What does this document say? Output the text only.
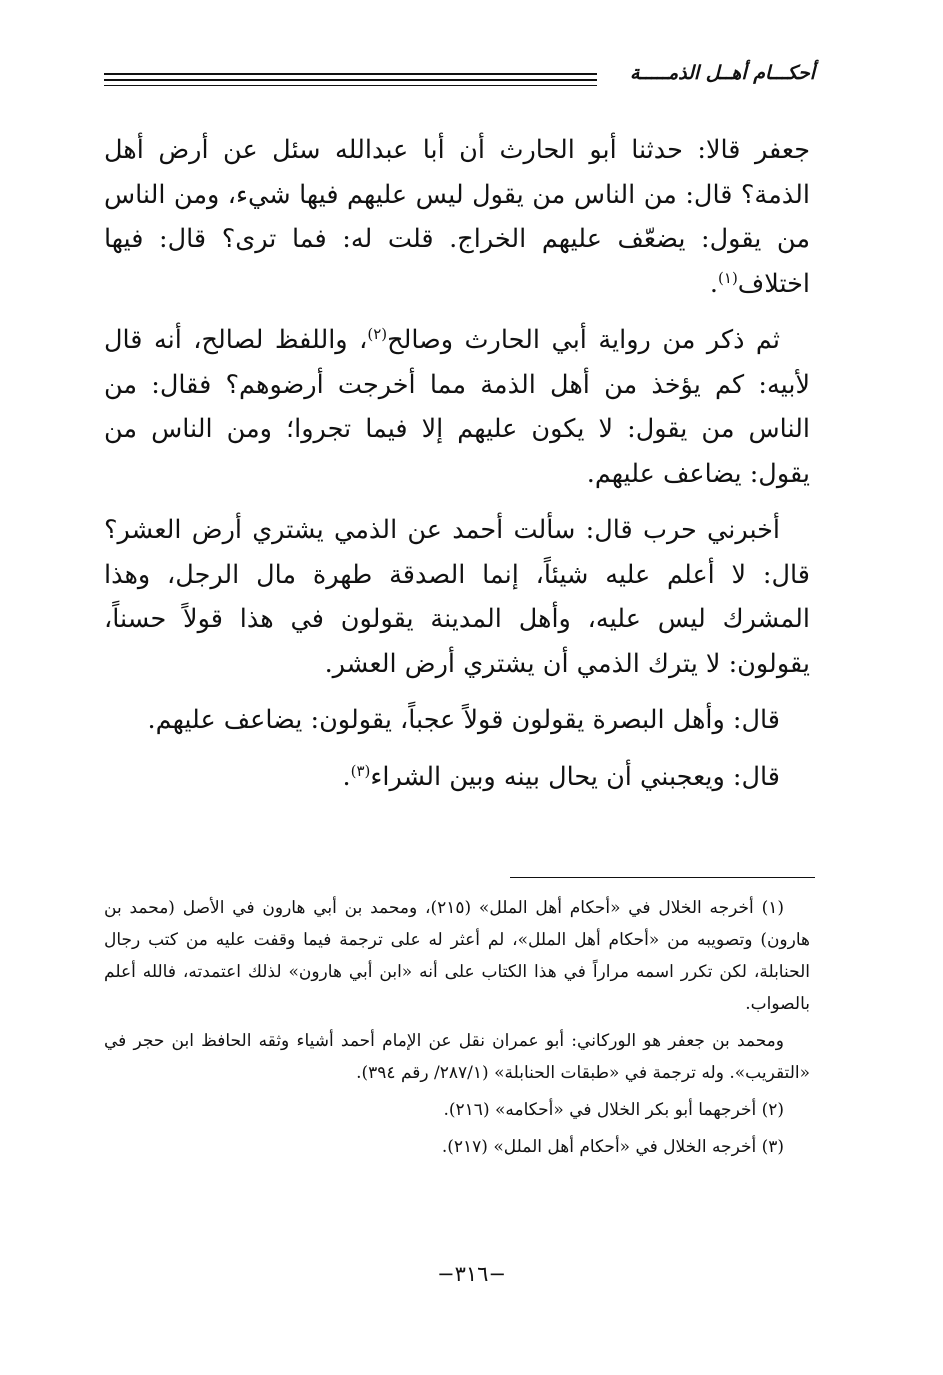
أحكـــام أهــل الذمـــــة

جعفر قالا: حدثنا أبو الحارث أن أبا عبدالله سئل عن أرض أهل الذمة؟ قال: من الناس من يقول ليس عليهم فيها شيء، ومن الناس من يقول: يضعّف عليهم الخراج. قلت له: فما ترى؟ قال: فيها اختلاف$^{(١)}$.

ثم ذكر من رواية أبي الحارث وصالح$^{(٢)}$، واللفظ لصالح، أنه قال لأبيه: كم يؤخذ من أهل الذمة مما أخرجت أرضوهم؟ فقال: من الناس من يقول: لا يكون عليهم إلا فيما تجروا؛ ومن الناس من يقول: يضاعف عليهم.

أخبرني حرب قال: سألت أحمد عن الذمي يشتري أرض العشر؟ قال: لا أعلم عليه شيئاً، إنما الصدقة طهرة مال الرجل، وهذا المشرك ليس عليه، وأهل المدينة يقولون في هذا قولاً حسناً، يقولون: لا يترك الذمي أن يشتري أرض العشر.

قال: وأهل البصرة يقولون قولاً عجباً، يقولون: يضاعف عليهم.

قال: ويعجبني أن يحال بينه وبين الشراء$^{(٣)}$.

(١) أخرجه الخلال في «أحكام أهل الملل» (٢١٥)، ومحمد بن أبي هارون في الأصل (محمد بن هارون) وتصويبه من «أحكام أهل الملل»، لم أعثر له على ترجمة فيما وقفت عليه من كتب رجال الحنابلة، لكن تكرر اسمه مراراً في هذا الكتاب على أنه «ابن أبي هارون» لذلك اعتمدته، فالله أعلم بالصواب.

ومحمد بن جعفر هو الوركاني: أبو عمران نقل عن الإمام أحمد أشياء وثقه الحافظ ابن حجر في «التقريب». وله ترجمة في «طبقات الحنابلة» (٢٨٧/١/ رقم ٣٩٤).

(٢) أخرجهما أبو بكر الخلال في «أحكامه» (٢١٦).

(٣) أخرجه الخلال في «أحكام أهل الملل» (٢١٧).

−٣١٦−
